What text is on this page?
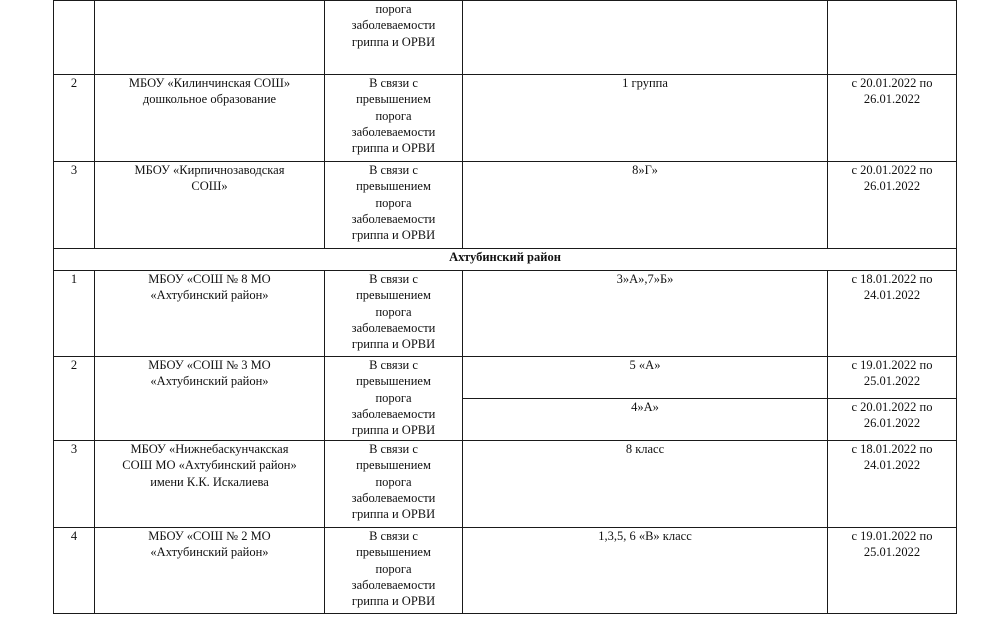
		порога
заболеваемости
гриппа и ОРВИ		

2	МБОУ «Килинчинская СОШ»
дошкольное образование	В связи с
превышением
порога
заболеваемости
гриппа и ОРВИ	1 группа	с 20.01.2022 по
26.01.2022

3	МБОУ «Кирпичнозаводская
СОШ»	В связи с
превышением
порога
заболеваемости
гриппа и ОРВИ	8»Г»	с 20.01.2022 по
26.01.2022

Ахтубинский район				
1	МБОУ «СОШ № 8 МО
«Ахтубинский район»	В связи с
превышением
порога
заболеваемости
гриппа и ОРВИ	3»А»,7»Б»	с 18.01.2022 по
24.01.2022

2	МБОУ «СОШ № 3 МО
«Ахтубинский район»	В связи с
превышением
порога
заболеваемости
гриппа и ОРВИ	5 «А»	с 19.01.2022 по
25.01.2022

			4»А»	с 20.01.2022 по
26.01.2022

3	МБОУ «Нижнебаскунчакская
СОШ МО «Ахтубинский район»
имени К.К. Искалиева	В связи с
превышением
порога
заболеваемости
гриппа и ОРВИ	8 класс	с 18.01.2022 по
24.01.2022

4	МБОУ «СОШ № 2 МО
«Ахтубинский район»	В связи с
превышением
порога
заболеваемости
гриппа и ОРВИ	1,3,5, 6 «В» класс	с 19.01.2022 по
25.01.2022
